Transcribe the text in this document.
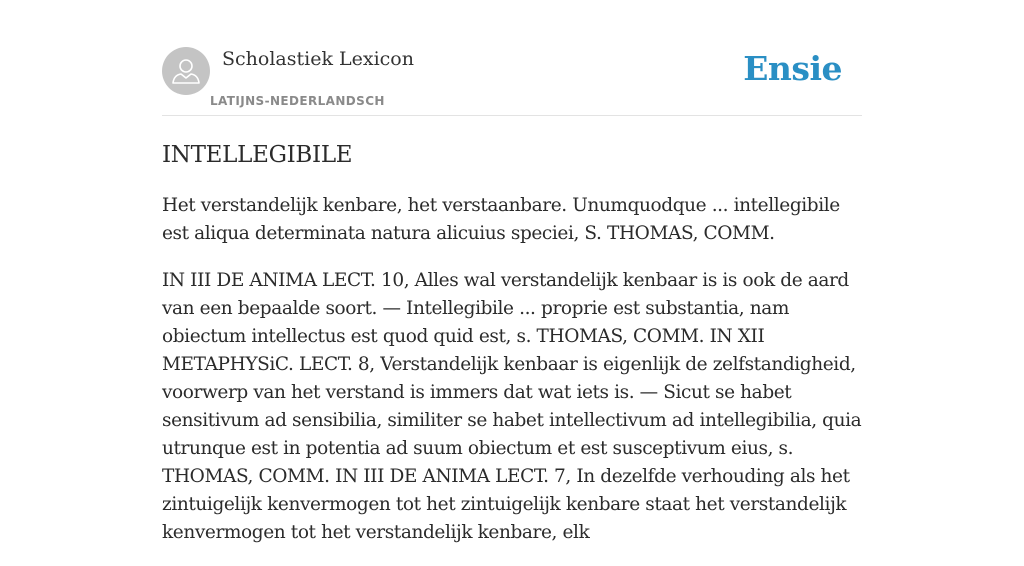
Scholastiek Lexicon
LATIJNS-NEDERLANDSCH
Ensie
INTELLEGIBILE

Het verstandelijk kenbare, het verstaanbare. Unumquodque ... intellegibile est aliqua determinata natura alicuius speciei, S. THOMAS, COMM.

IN III DE ANIMA LECT. 10, Alles wal verstandelijk kenbaar is is ook de aard van een bepaalde soort. — Intellegibile ... proprie est substantia, nam obiectum intellectus est quod quid est, s. THOMAS, COMM. IN XII METAPHYSiC. LECT. 8, Verstandelijk kenbaar is eigenlijk de zelfstandigheid, voorwerp van het verstand is immers dat wat iets is. — Sicut se habet sensitivum ad sensibilia, similiter se habet intellectivum ad intellegibilia, quia utrunque est in potentia ad suum obiectum et est susceptivum eius, s. THOMAS, COMM. IN III DE ANIMA LECT. 7, In dezelfde verhouding als het zintuigelijk kenvermogen tot het zintuigelijk kenbare staat het verstandelijk kenvermogen tot het verstandelijk kenbare, elk
